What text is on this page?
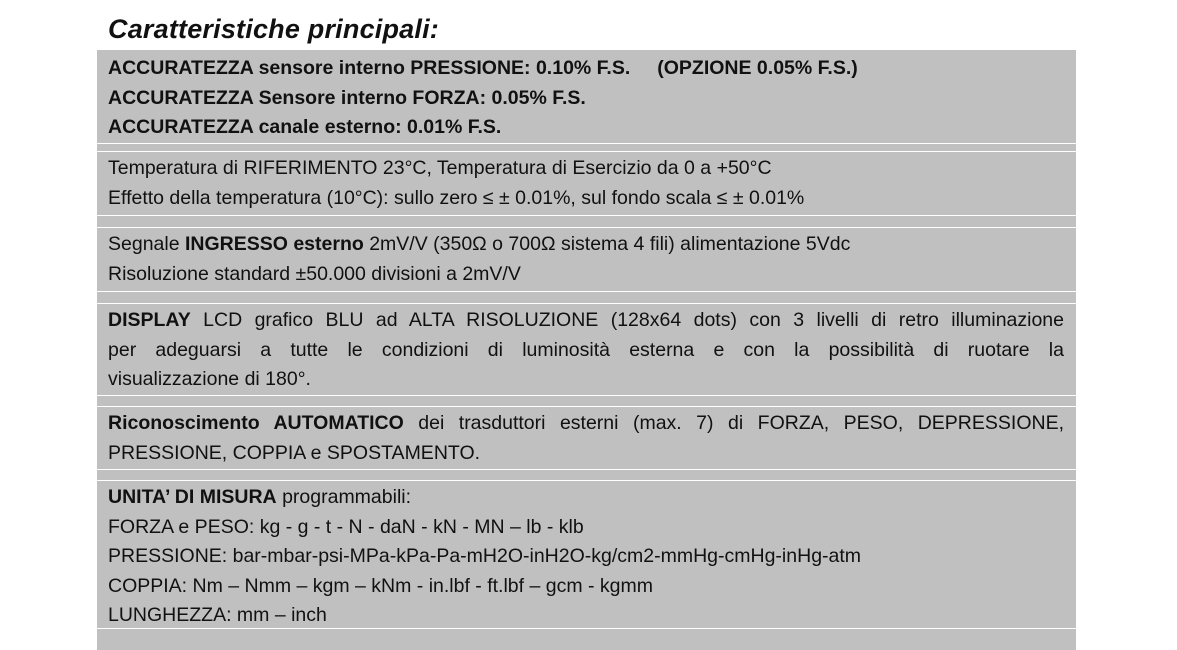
Caratteristiche principali:
ACCURATEZZA sensore interno PRESSIONE: 0.10% F.S. (OPZIONE 0.05% F.S.)
ACCURATEZZA Sensore interno FORZA: 0.05% F.S.
ACCURATEZZA canale esterno: 0.01% F.S.
Temperatura di RIFERIMENTO 23°C, Temperatura di Esercizio da 0 a +50°C
Effetto della temperatura (10°C): sullo zero ≤ ± 0.01%, sul fondo scala ≤ ± 0.01%
Segnale INGRESSO esterno 2mV/V (350Ω o 700Ω sistema 4 fili) alimentazione 5Vdc
Risoluzione standard ±50.000 divisioni a 2mV/V
DISPLAY LCD grafico BLU ad ALTA RISOLUZIONE (128x64 dots) con 3 livelli di retro illuminazione
per adeguarsi a tutte le condizioni di luminosità esterna e con la possibilità di ruotare la
visualizzazione di 180°.
Riconoscimento AUTOMATICO dei trasduttori esterni (max. 7) di FORZA, PESO, DEPRESSIONE,
PRESSIONE, COPPIA e SPOSTAMENTO.
UNITA’ DI MISURA programmabili:
FORZA e PESO: kg - g - t - N - daN - kN - MN – lb - klb
PRESSIONE: bar-mbar-psi-MPa-kPa-Pa-mH2O-inH2O-kg/cm2-mmHg-cmHg-inHg-atm
COPPIA: Nm – Nmm – kgm – kNm - in.lbf - ft.lbf – gcm - kgmm
LUNGHEZZA: mm – inch
